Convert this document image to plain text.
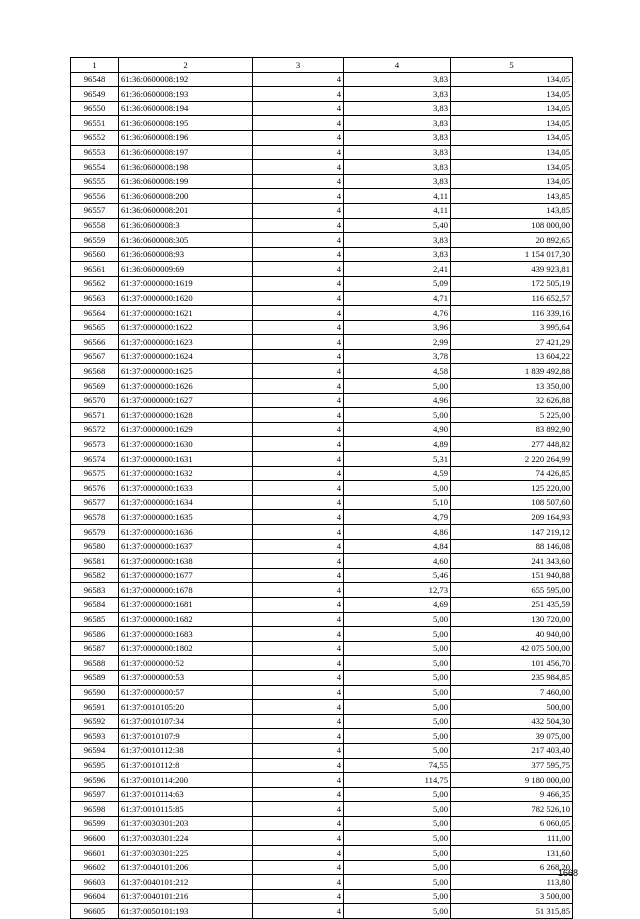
1	2	3	4	5
96548	61:36:0600008:192	4	3,83	134,05
96549	61:36:0600008:193	4	3,83	134,05
96550	61:36:0600008:194	4	3,83	134,05
96551	61:36:0600008:195	4	3,83	134,05
96552	61:36:0600008:196	4	3,83	134,05
96553	61:36:0600008:197	4	3,83	134,05
96554	61:36:0600008:198	4	3,83	134,05
96555	61:36:0600008:199	4	3,83	134,05
96556	61:36:0600008:200	4	4,11	143,85
96557	61:36:0600008:201	4	4,11	143,85
96558	61:36:0600008:3	4	5,40	108 000,00
96559	61:36:0600008:305	4	3,83	20 892,65
96560	61:36:0600008:93	4	3,83	1 154 017,30
96561	61:36:0600009:69	4	2,41	439 923,81
96562	61:37:0000000:1619	4	5,09	172 505,19
96563	61:37:0000000:1620	4	4,71	116 652,57
96564	61:37:0000000:1621	4	4,76	116 339,16
96565	61:37:0000000:1622	4	3,96	3 995,64
96566	61:37:0000000:1623	4	2,99	27 421,29
96567	61:37:0000000:1624	4	3,78	13 604,22
96568	61:37:0000000:1625	4	4,58	1 839 492,88
96569	61:37:0000000:1626	4	5,00	13 350,00
96570	61:37:0000000:1627	4	4,96	32 626,88
96571	61:37:0000000:1628	4	5,00	5 225,00
96572	61:37:0000000:1629	4	4,90	83 892,90
96573	61:37:0000000:1630	4	4,89	277 448,82
96574	61:37:0000000:1631	4	5,31	2 220 264,99
96575	61:37:0000000:1632	4	4,59	74 426,85
96576	61:37:0000000:1633	4	5,00	125 220,00
96577	61:37:0000000:1634	4	5,10	108 507,60
96578	61:37:0000000:1635	4	4,79	209 164,93
96579	61:37:0000000:1636	4	4,86	147 219,12
96580	61:37:0000000:1637	4	4,84	88 146,08
96581	61:37:0000000:1638	4	4,60	241 343,60
96582	61:37:0000000:1677	4	5,46	151 940,88
96583	61:37:0000000:1678	4	12,73	655 595,00
96584	61:37:0000000:1681	4	4,69	251 435,59
96585	61:37:0000000:1682	4	5,00	130 720,00
96586	61:37:0000000:1683	4	5,00	40 940,00
96587	61:37:0000000:1802	4	5,00	42 075 500,00
96588	61:37:0000000:52	4	5,00	101 456,70
96589	61:37:0000000:53	4	5,00	235 984,85
96590	61:37:0000000:57	4	5,00	7 460,00
96591	61:37:0010105:20	4	5,00	500,00
96592	61:37:0010107:34	4	5,00	432 504,30
96593	61:37:0010107:9	4	5,00	39 075,00
96594	61:37:0010112:38	4	5,00	217 403,40
96595	61:37:0010112:8	4	74,55	377 595,75
96596	61:37:0010114:200	4	114,75	9 180 000,00
96597	61:37:0010114:63	4	5,00	9 466,35
96598	61:37:0010115:85	4	5,00	782 526,10
96599	61:37:0030301:203	4	5,00	6 060,05
96600	61:37:0030301:224	4	5,00	111,00
96601	61:37:0030301:225	4	5,00	131,60
96602	61:37:0040101:206	4	5,00	6 268,20
96603	61:37:0040101:212	4	5,00	113,80
96604	61:37:0040101:216	4	5,00	3 500,00
96605	61:37:0050101:193	4	5,00	51 315,85
1668
